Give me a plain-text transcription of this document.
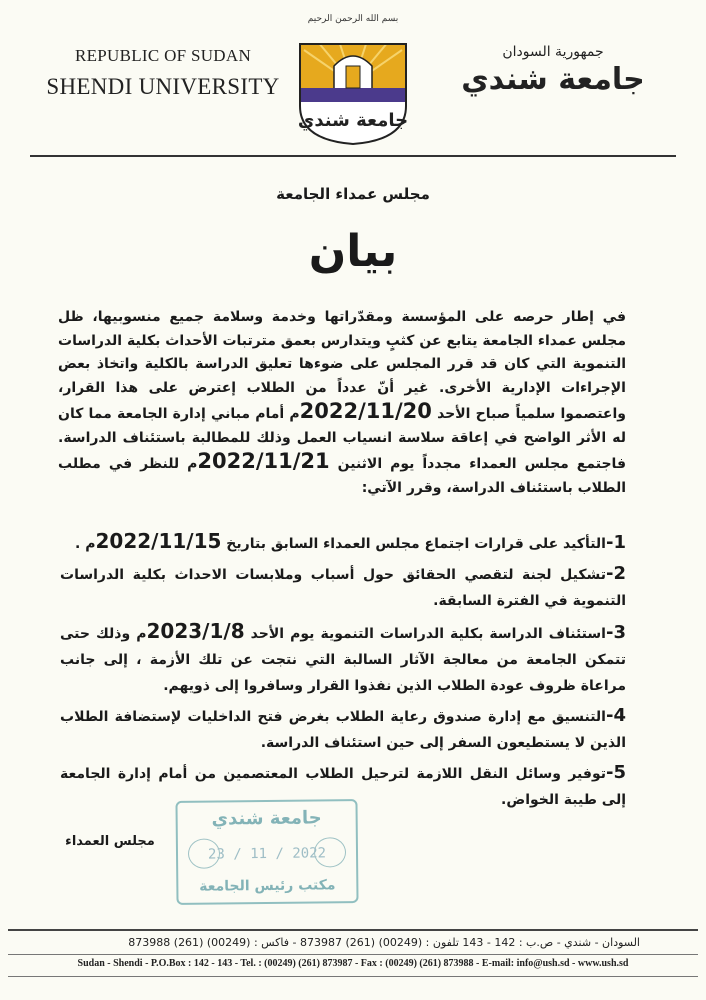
REPUBLIC OF SUDAN
SHENDI UNIVERSITY
بسم الله الرحمن الرحيم
جامعة شندي
جمهورية السودان
جامعة شندي
مجلس عمداء الجامعة
بيان
في إطار حرصه على المؤسسة ومقدّراتها وخدمة وسلامة جميع منسوبيها، ظل مجلس عمداء الجامعة يتابع عن كثبٍ ويتدارس بعمق مترتبات الأحداث بكلية الدراسات التنموية التي كان قد قرر المجلس على ضوءها تعليق الدراسة بالكلية واتخاذ بعض الإجراءات الإدارية الأخرى. غير أنّ عدداً من الطلاب إعترض على هذا القرار، واعتصموا سلمياً صباح الأحد 2022/11/20م أمام مباني إدارة الجامعة مما كان له الأثر الواضح في إعاقة سلاسة انسياب العمل وذلك للمطالبة باستئناف الدراسة. فاجتمع مجلس العمداء مجدداً يوم الاثنين 2022/11/21م للنظر في مطلب الطلاب باستئناف الدراسة، وقرر الآتي:
1-التأكيد على قرارات اجتماع مجلس العمداء السابق بتاريخ 2022/11/15م .
2-تشكيل لجنة لتقصي الحقائق حول أسباب وملابسات الاحداث بكلية الدراسات التنموية في الفترة السابقة.
3-استئناف الدراسة بكلية الدراسات التنموية يوم الأحد 2023/1/8م وذلك حتى تتمكن الجامعة من معالجة الآثار السالبة التي نتجت عن تلك الأزمة ، إلى جانب مراعاة ظروف عودة الطلاب الذين نفذوا القرار وسافروا إلى ذويهم.
4-التنسيق مع إدارة صندوق رعاية الطلاب بغرض فتح الداخليات لإستضافة الطلاب الذين لا يستطيعون السفر إلى حين استئناف الدراسة.
5-توفير وسائل النقل اللازمة لترحيل الطلاب المعتصمين من أمام إدارة الجامعة إلى طيبة الخواض.
مجلس العمداء
جامعة شندي
23 / 11 / 2022
مكتب رئيس الجامعة
السودان - شندي - ص.ب : 142 - 143 تلفون : (00249) (261) 873987 - فاكس : (00249) (261) 873988
Sudan - Shendi - P.O.Box : 142 - 143 - Tel. : (00249) (261) 873987 - Fax : (00249) (261) 873988 - E-mail: info@ush.sd - www.ush.sd
